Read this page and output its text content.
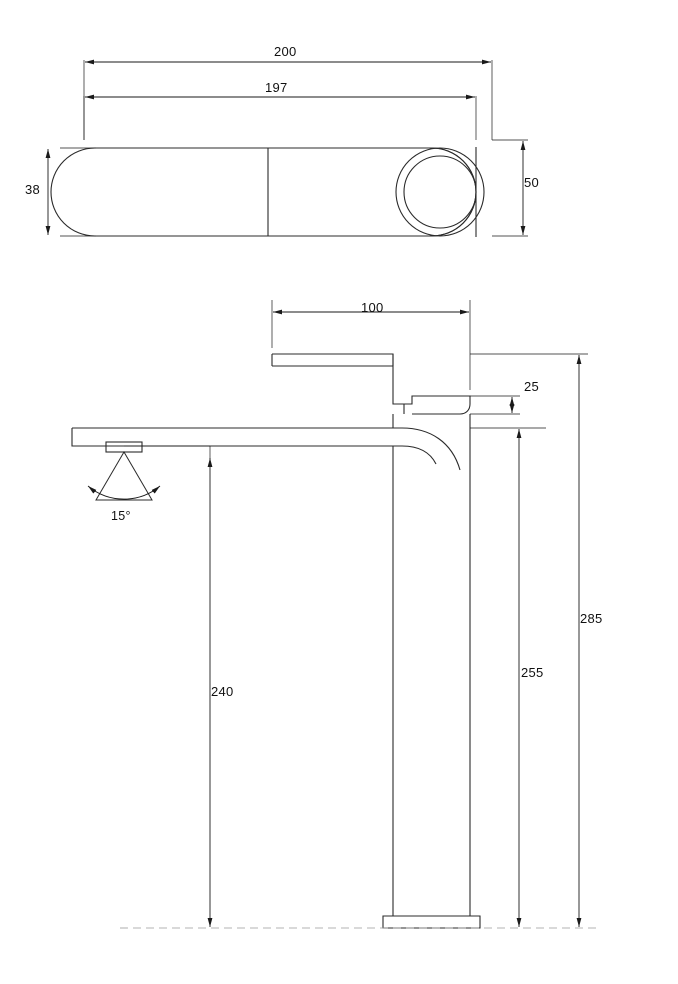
200
197
38	50
100
25
285
255
240
15°
